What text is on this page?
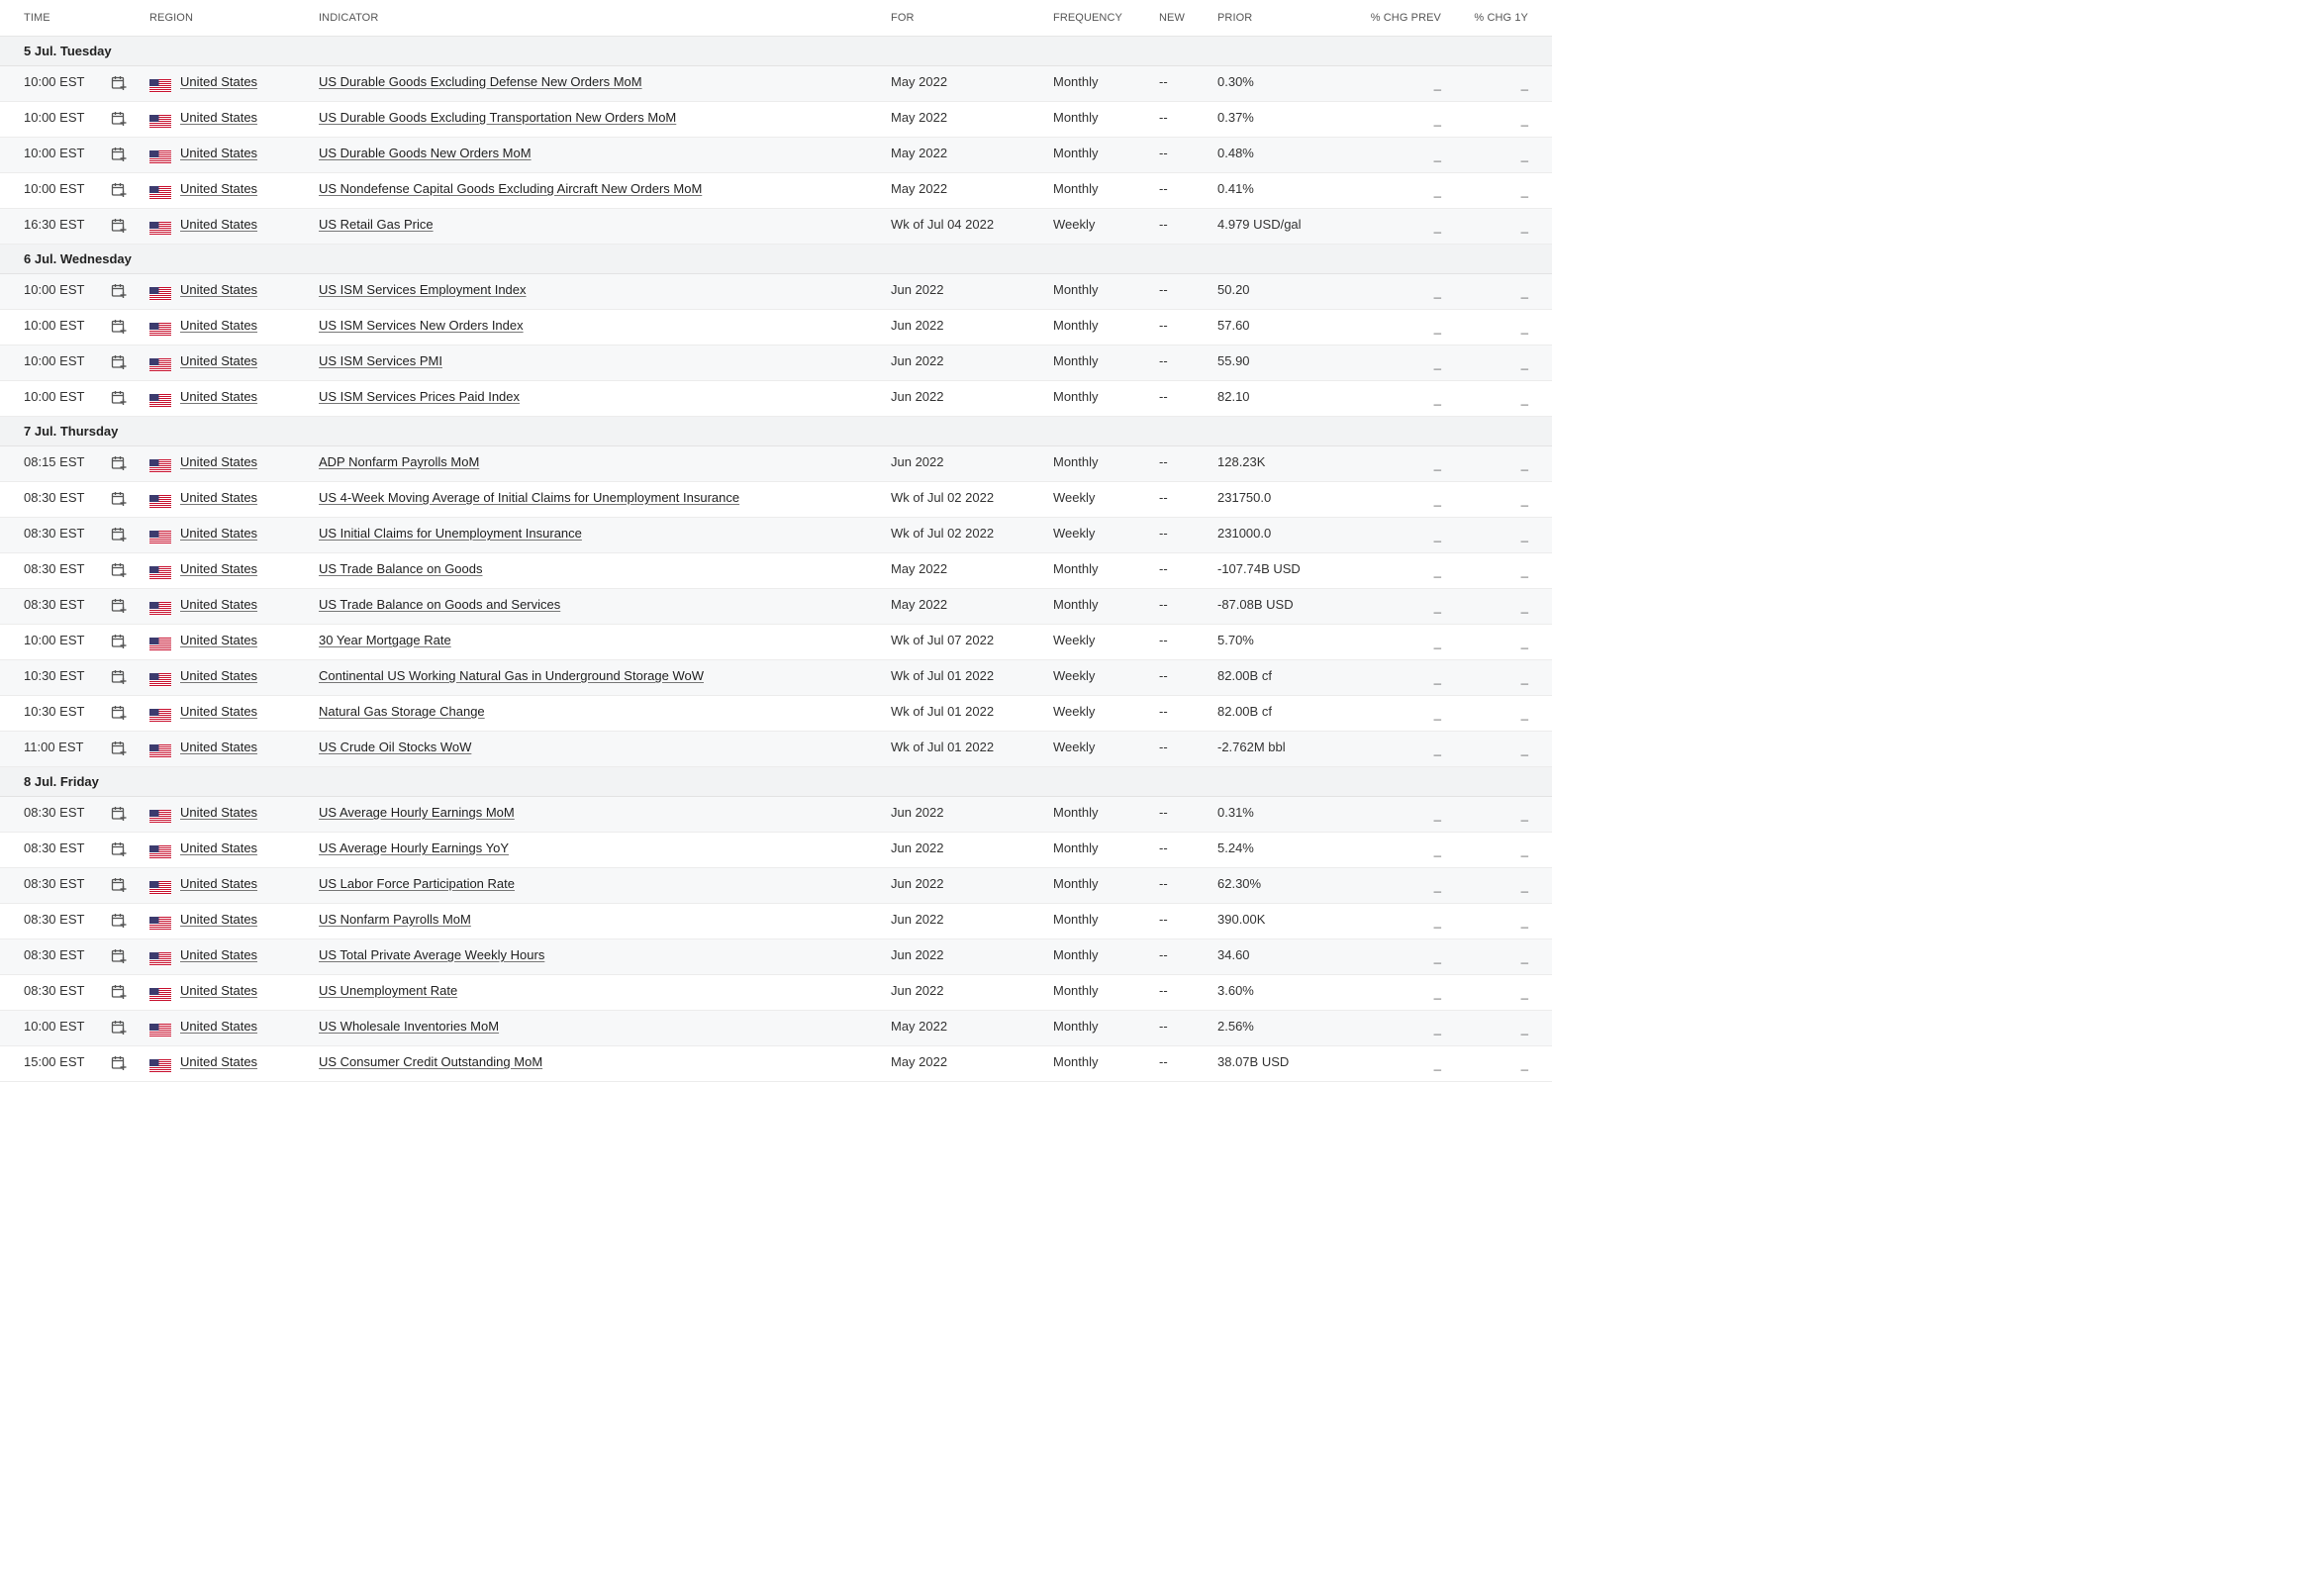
TIME	REGION	INDICATOR	FOR	FREQUENCY	NEW	PRIOR	% CHG PREV	% CHG 1Y
5 Jul. Tuesday
10:00 EST	United States	US Durable Goods Excluding Defense New Orders MoM	May 2022	Monthly	--	0.30%	_	_
10:00 EST	United States	US Durable Goods Excluding Transportation New Orders MoM	May 2022	Monthly	--	0.37%	_	_
10:00 EST	United States	US Durable Goods New Orders MoM	May 2022	Monthly	--	0.48%	_	_
10:00 EST	United States	US Nondefense Capital Goods Excluding Aircraft New Orders MoM	May 2022	Monthly	--	0.41%	_	_
16:30 EST	United States	US Retail Gas Price	Wk of Jul 04 2022	Weekly	--	4.979 USD/gal	_	_
6 Jul. Wednesday
10:00 EST	United States	US ISM Services Employment Index	Jun 2022	Monthly	--	50.20	_	_
10:00 EST	United States	US ISM Services New Orders Index	Jun 2022	Monthly	--	57.60	_	_
10:00 EST	United States	US ISM Services PMI	Jun 2022	Monthly	--	55.90	_	_
10:00 EST	United States	US ISM Services Prices Paid Index	Jun 2022	Monthly	--	82.10	_	_
7 Jul. Thursday
08:15 EST	United States	ADP Nonfarm Payrolls MoM	Jun 2022	Monthly	--	128.23K	_	_
08:30 EST	United States	US 4-Week Moving Average of Initial Claims for Unemployment Insurance	Wk of Jul 02 2022	Weekly	--	231750.0	_	_
08:30 EST	United States	US Initial Claims for Unemployment Insurance	Wk of Jul 02 2022	Weekly	--	231000.0	_	_
08:30 EST	United States	US Trade Balance on Goods	May 2022	Monthly	--	-107.74B USD	_	_
08:30 EST	United States	US Trade Balance on Goods and Services	May 2022	Monthly	--	-87.08B USD	_	_
10:00 EST	United States	30 Year Mortgage Rate	Wk of Jul 07 2022	Weekly	--	5.70%	_	_
10:30 EST	United States	Continental US Working Natural Gas in Underground Storage WoW	Wk of Jul 01 2022	Weekly	--	82.00B cf	_	_
10:30 EST	United States	Natural Gas Storage Change	Wk of Jul 01 2022	Weekly	--	82.00B cf	_	_
11:00 EST	United States	US Crude Oil Stocks WoW	Wk of Jul 01 2022	Weekly	--	-2.762M bbl	_	_
8 Jul. Friday
08:30 EST	United States	US Average Hourly Earnings MoM	Jun 2022	Monthly	--	0.31%	_	_
08:30 EST	United States	US Average Hourly Earnings YoY	Jun 2022	Monthly	--	5.24%	_	_
08:30 EST	United States	US Labor Force Participation Rate	Jun 2022	Monthly	--	62.30%	_	_
08:30 EST	United States	US Nonfarm Payrolls MoM	Jun 2022	Monthly	--	390.00K	_	_
08:30 EST	United States	US Total Private Average Weekly Hours	Jun 2022	Monthly	--	34.60	_	_
08:30 EST	United States	US Unemployment Rate	Jun 2022	Monthly	--	3.60%	_	_
10:00 EST	United States	US Wholesale Inventories MoM	May 2022	Monthly	--	2.56%	_	_
15:00 EST	United States	US Consumer Credit Outstanding MoM	May 2022	Monthly	--	38.07B USD	_	_
